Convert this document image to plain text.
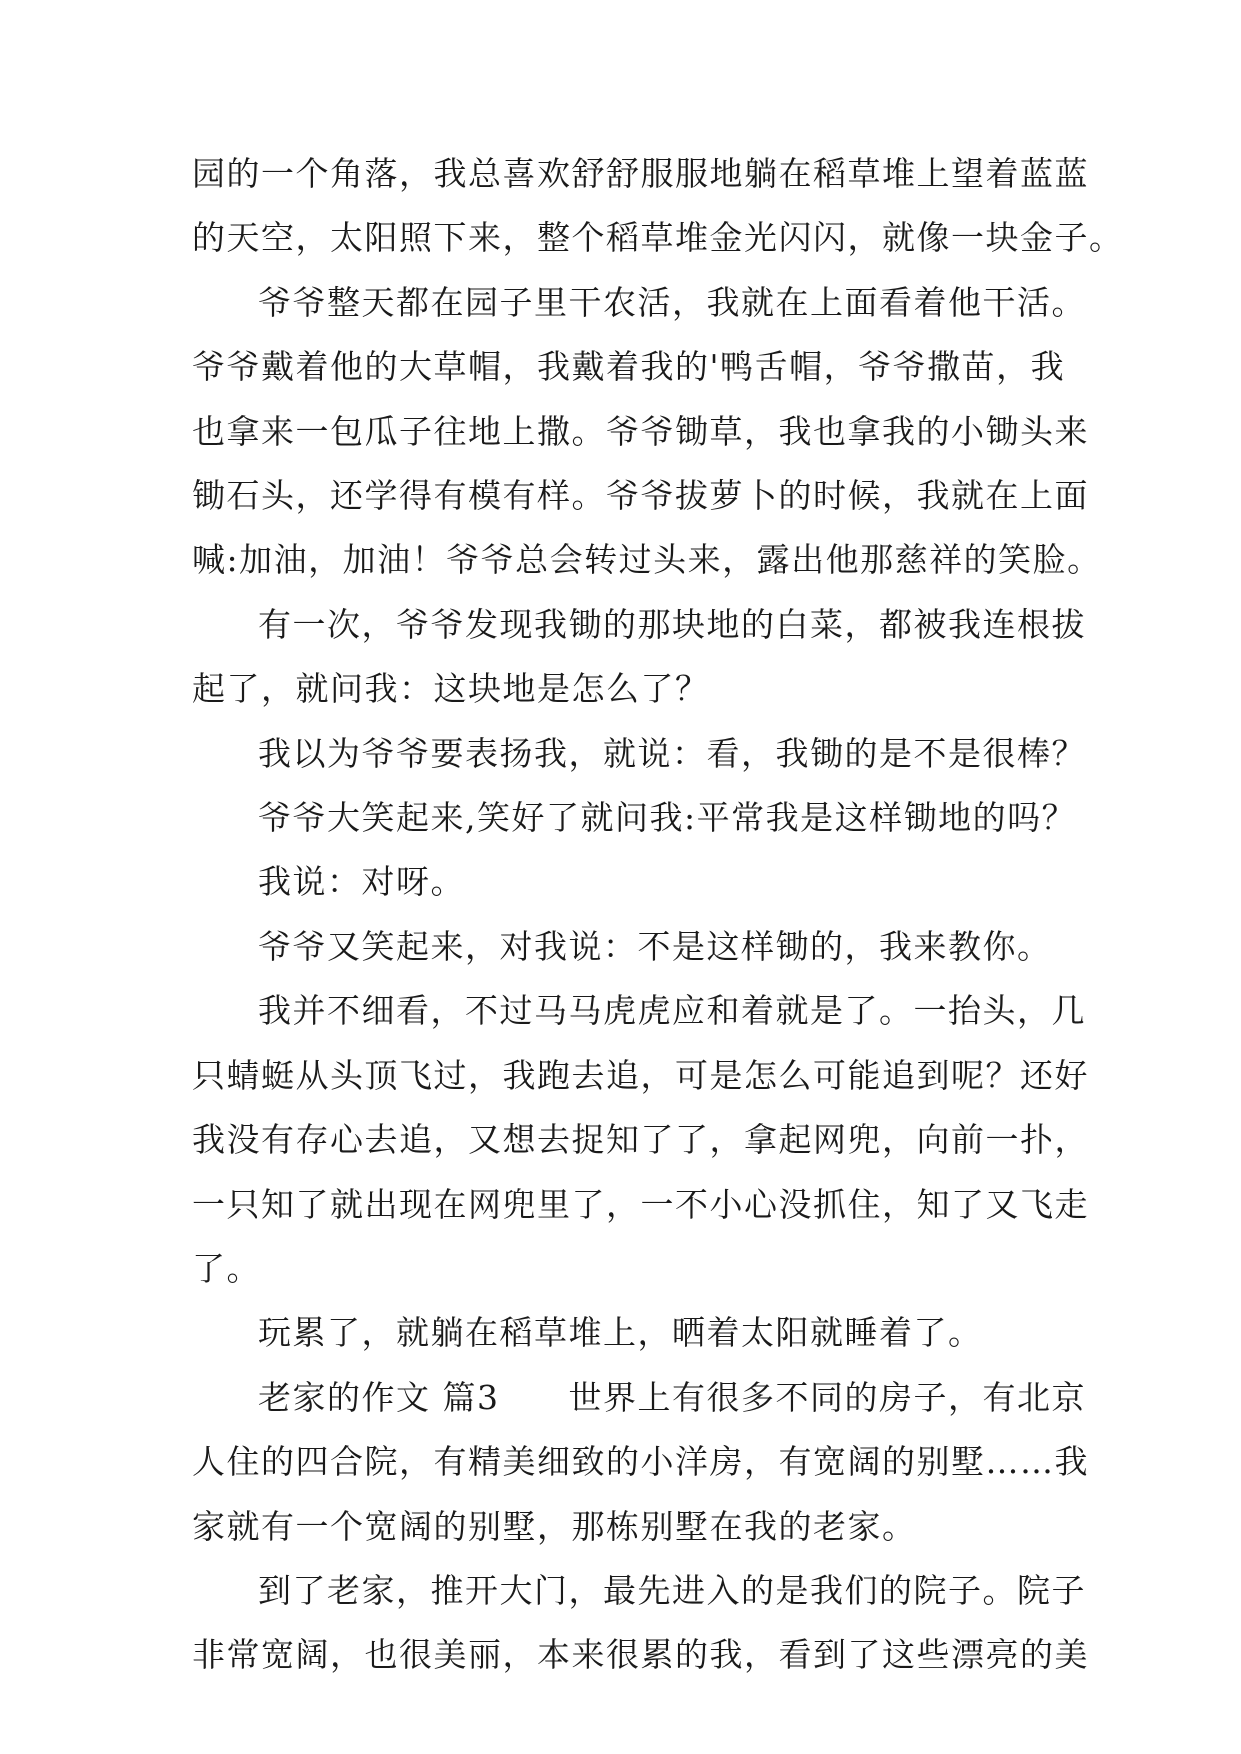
园的一个角落，我总喜欢舒舒服服地躺在稻草堆上望着蓝蓝

的天空，太阳照下来，整个稻草堆金光闪闪，就像一块金子。

爷爷整天都在园子里干农活，我就在上面看着他干活。

爷爷戴着他的大草帽，我戴着我的'鸭舌帽，爷爷撒苗，我

也拿来一包瓜子往地上撒。爷爷锄草，我也拿我的小锄头来

锄石头，还学得有模有样。爷爷拔萝卜的时候，我就在上面

喊:加油，加油！爷爷总会转过头来，露出他那慈祥的笑脸。

有一次，爷爷发现我锄的那块地的白菜，都被我连根拔

起了，就问我：这块地是怎么了？

我以为爷爷要表扬我，就说：看，我锄的是不是很棒？

爷爷大笑起来,笑好了就问我:平常我是这样锄地的吗？

我说：对呀。

爷爷又笑起来，对我说：不是这样锄的，我来教你。

我并不细看，不过马马虎虎应和着就是了。一抬头，几

只蜻蜓从头顶飞过，我跑去追，可是怎么可能追到呢？还好

我没有存心去追，又想去捉知了了，拿起网兜，向前一扑，

一只知了就出现在网兜里了，一不小心没抓住，知了又飞走

了。

玩累了，就躺在稻草堆上，晒着太阳就睡着了。

老家的作文 篇3　　世界上有很多不同的房子，有北京

人住的四合院，有精美细致的小洋房，有宽阔的别墅……我

家就有一个宽阔的别墅，那栋别墅在我的老家。

到了老家，推开大门，最先进入的是我们的院子。院子

非常宽阔，也很美丽，本来很累的我，看到了这些漂亮的美
